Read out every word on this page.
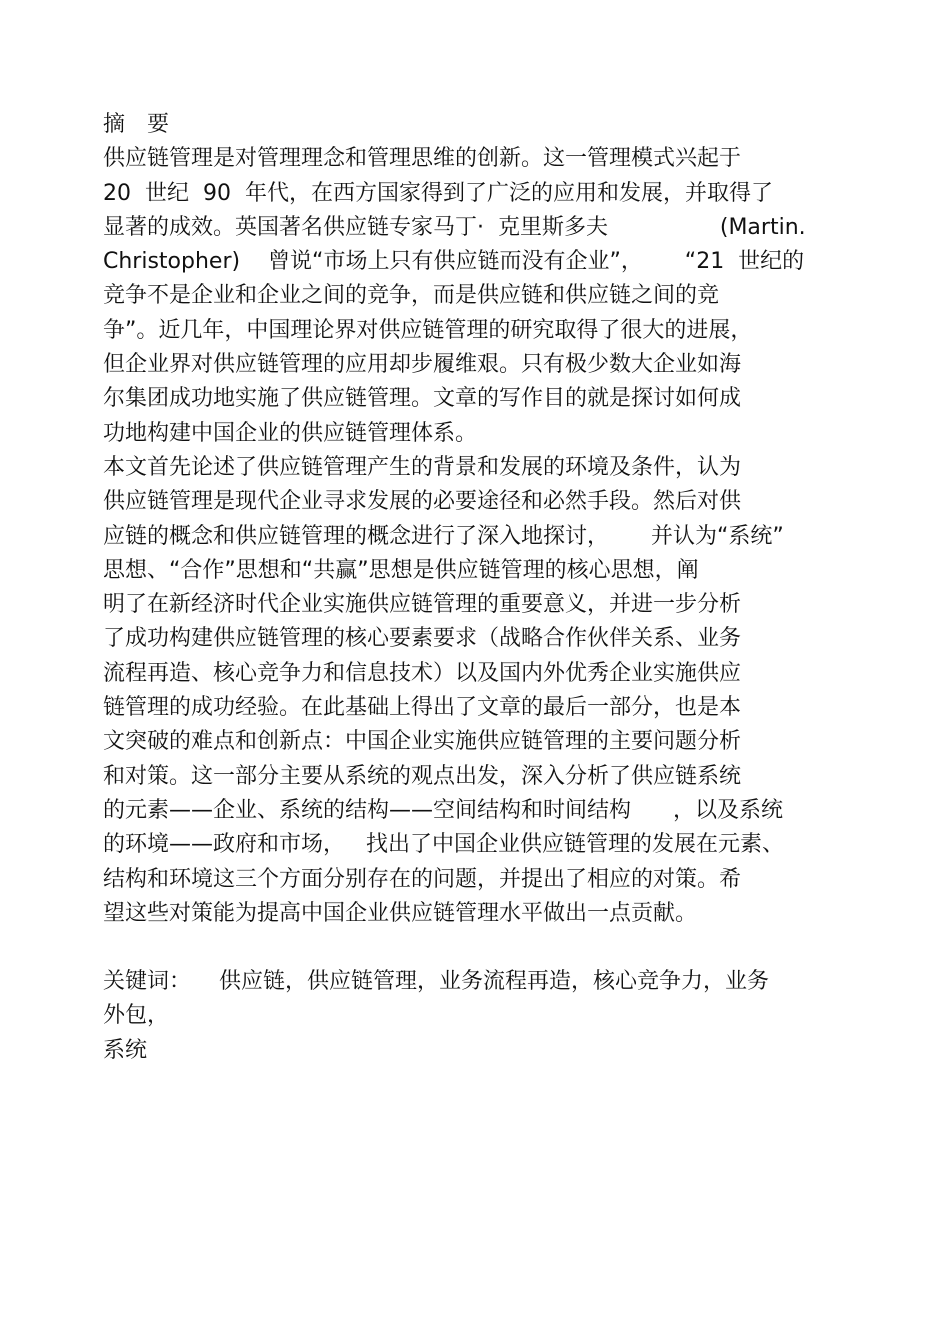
摘　要
供应链管理是对管理理念和管理思维的创新。这一管理模式兴起于
20  世纪  90  年代，在西方国家得到了广泛的应用和发展，并取得了
显著的成效。英国著名供应链专家马丁·  克里斯多夫                (Martin.
Christopher)    曾说“市场上只有供应链而没有企业”，      “21  世纪的
竞争不是企业和企业之间的竞争，而是供应链和供应链之间的竞
争”。近几年，中国理论界对供应链管理的研究取得了很大的进展，
但企业界对供应链管理的应用却步履维艰。只有极少数大企业如海
尔集团成功地实施了供应链管理。文章的写作目的就是探讨如何成
功地构建中国企业的供应链管理体系。
本文首先论述了供应链管理产生的背景和发展的环境及条件，认为
供应链管理是现代企业寻求发展的必要途径和必然手段。然后对供
应链的概念和供应链管理的概念进行了深入地探讨，      并认为“系统”
思想、“合作”思想和“共赢”思想是供应链管理的核心思想，阐
明了在新经济时代企业实施供应链管理的重要意义，并进一步分析
了成功构建供应链管理的核心要素要求（战略合作伙伴关系、业务
流程再造、核心竞争力和信息技术）以及国内外优秀企业实施供应
链管理的成功经验。在此基础上得出了文章的最后一部分，也是本
文突破的难点和创新点：中国企业实施供应链管理的主要问题分析
和对策。这一部分主要从系统的观点出发，深入分析了供应链系统
的元素——企业、系统的结构——空间结构和时间结构      ，以及系统
的环境——政府和市场，   找出了中国企业供应链管理的发展在元素、
结构和环境这三个方面分别存在的问题，并提出了相应的对策。希
望这些对策能为提高中国企业供应链管理水平做出一点贡献。
关键词：    供应链，供应链管理，业务流程再造，核心竞争力，业务
外包，
系统
